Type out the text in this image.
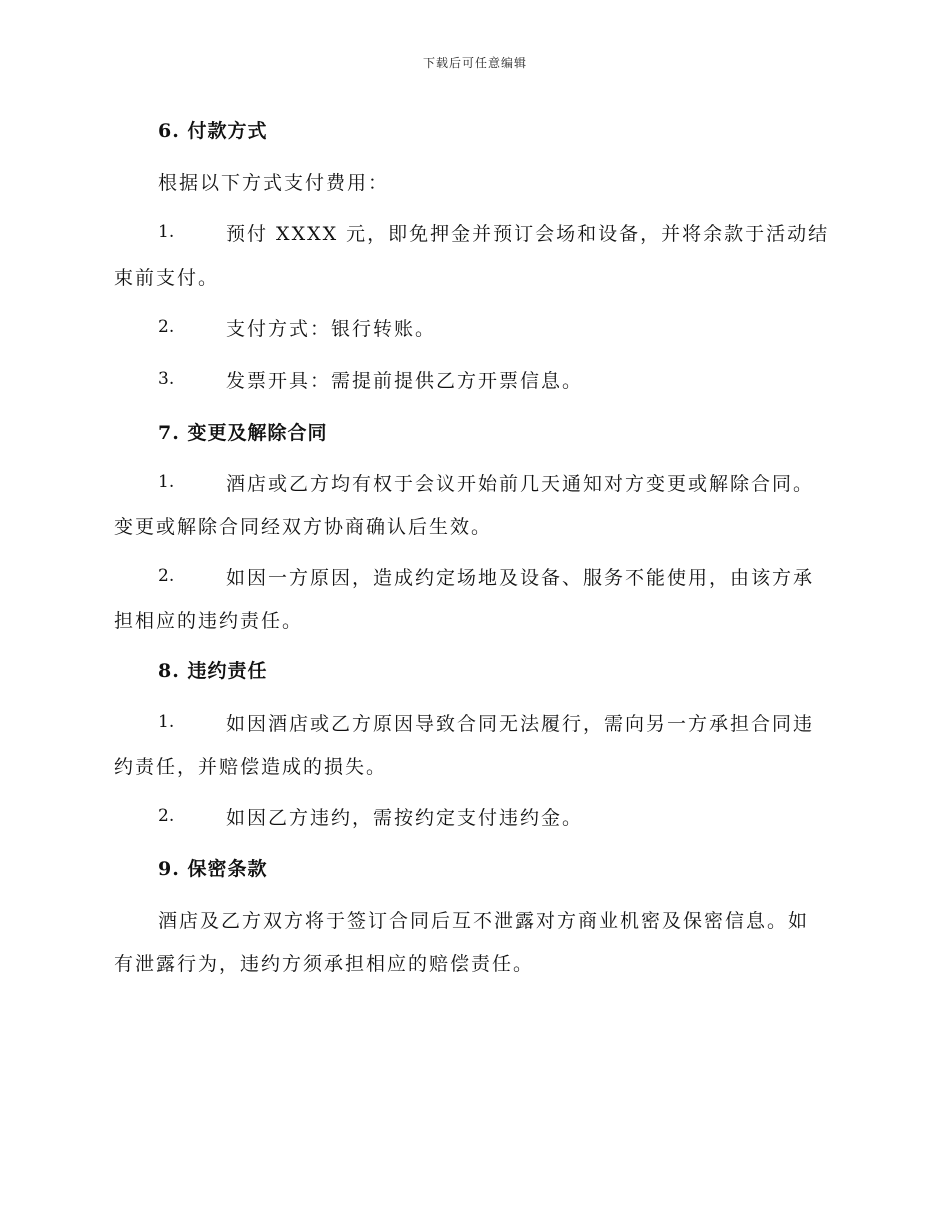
下载后可任意编辑
6. 付款方式
根据以下方式支付费用：
1.	预付 XXXX 元，即免押金并预订会场和设备，并将余款于活动结
束前支付。
2.	支付方式：银行转账。
3.	发票开具：需提前提供乙方开票信息。
7. 变更及解除合同
1.	酒店或乙方均有权于会议开始前几天通知对方变更或解除合同。
变更或解除合同经双方协商确认后生效。
2.	如因一方原因，造成约定场地及设备、服务不能使用，由该方承
担相应的违约责任。
8. 违约责任
1.	如因酒店或乙方原因导致合同无法履行，需向另一方承担合同违
约责任，并赔偿造成的损失。
2.	如因乙方违约，需按约定支付违约金。
9. 保密条款
酒店及乙方双方将于签订合同后互不泄露对方商业机密及保密信息。如
有泄露行为，违约方须承担相应的赔偿责任。
